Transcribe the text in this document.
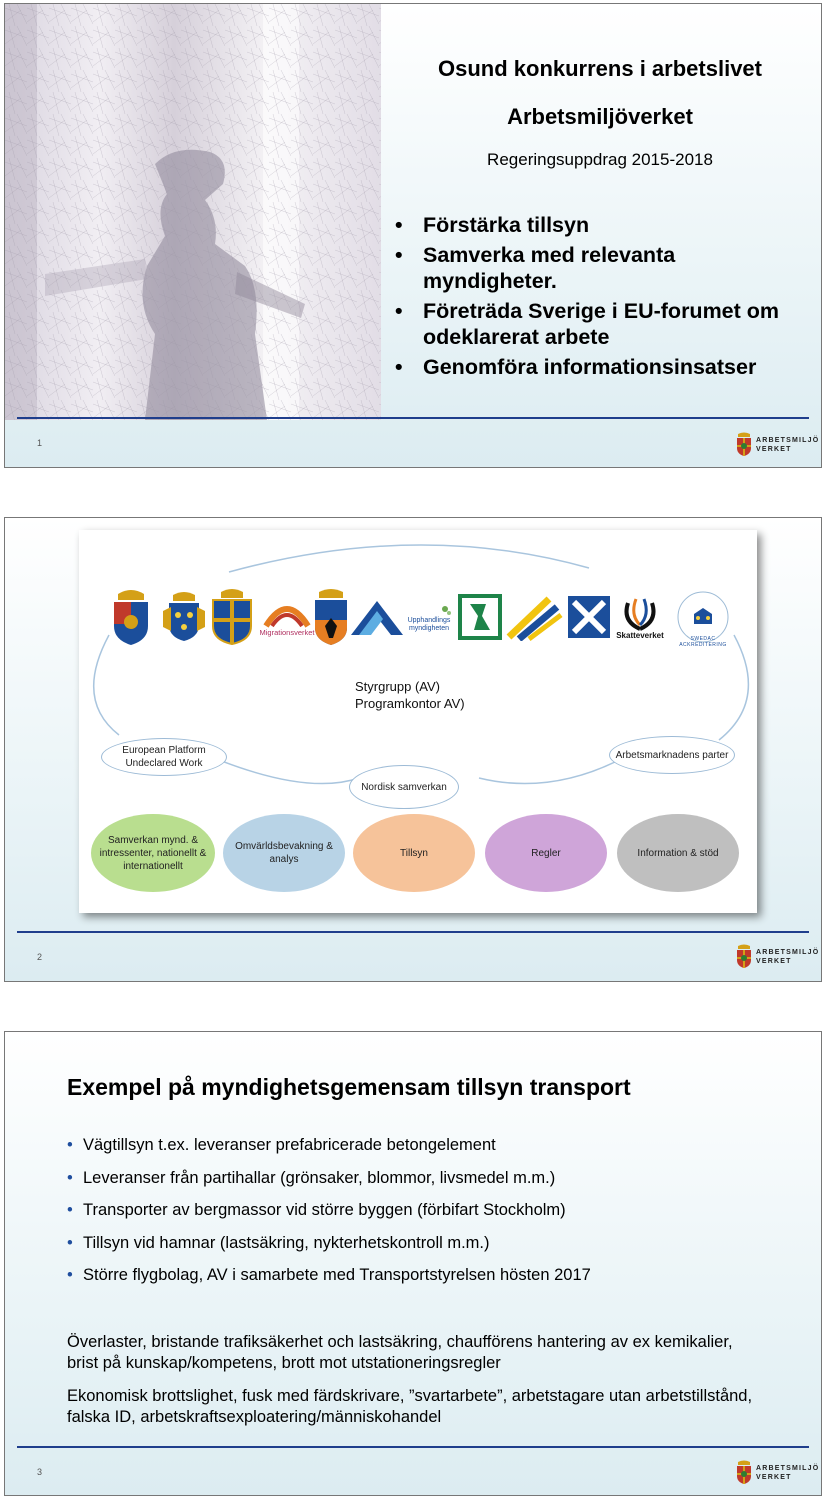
Osund konkurrens i arbetslivet
Arbetsmiljöverket
Regeringsuppdrag 2015-2018
• Förstärka tillsyn
• Samverka med relevanta myndigheter.
• Företräda Sverige i EU-forumet om odeklarerat arbete
• Genomföra informationsinsatser
1	ARBETSMILJÖ
VERKET
Migrationsverket
Upphandlings myndigheten
Skatteverket	SWEDAC ACKREDITERING
Styrgrupp (AV)
Programkontor AV)
European Platform Undeclared Work
Nordisk samverkan
Arbetsmarknadens parter
Samverkan mynd. & intressenter, nationellt & internationellt
Omvärldsbevakning & analys
Tillsyn	Regler	Information & stöd
2	ARBETSMILJÖ
VERKET
Exempel på myndighetsgemensam tillsyn transport
• Vägtillsyn t.ex. leveranser prefabricerade betongelement
• Leveranser från partihallar (grönsaker, blommor, livsmedel m.m.)
• Transporter av bergmassor vid större byggen (förbifart Stockholm)
• Tillsyn vid hamnar (lastsäkring, nykterhetskontroll m.m.)
• Större flygbolag, AV i samarbete med Transportstyrelsen hösten 2017
Överlaster, bristande trafiksäkerhet och lastsäkring, chaufförens hantering av ex kemikalier, brist på kunskap/kompetens, brott mot utstationeringsregler
Ekonomisk brottslighet, fusk med färdskrivare, ”svartarbete”, arbetstagare utan arbetstillstånd, falska ID, arbetskraftsexploatering/människohandel
3	ARBETSMILJÖ
VERKET
